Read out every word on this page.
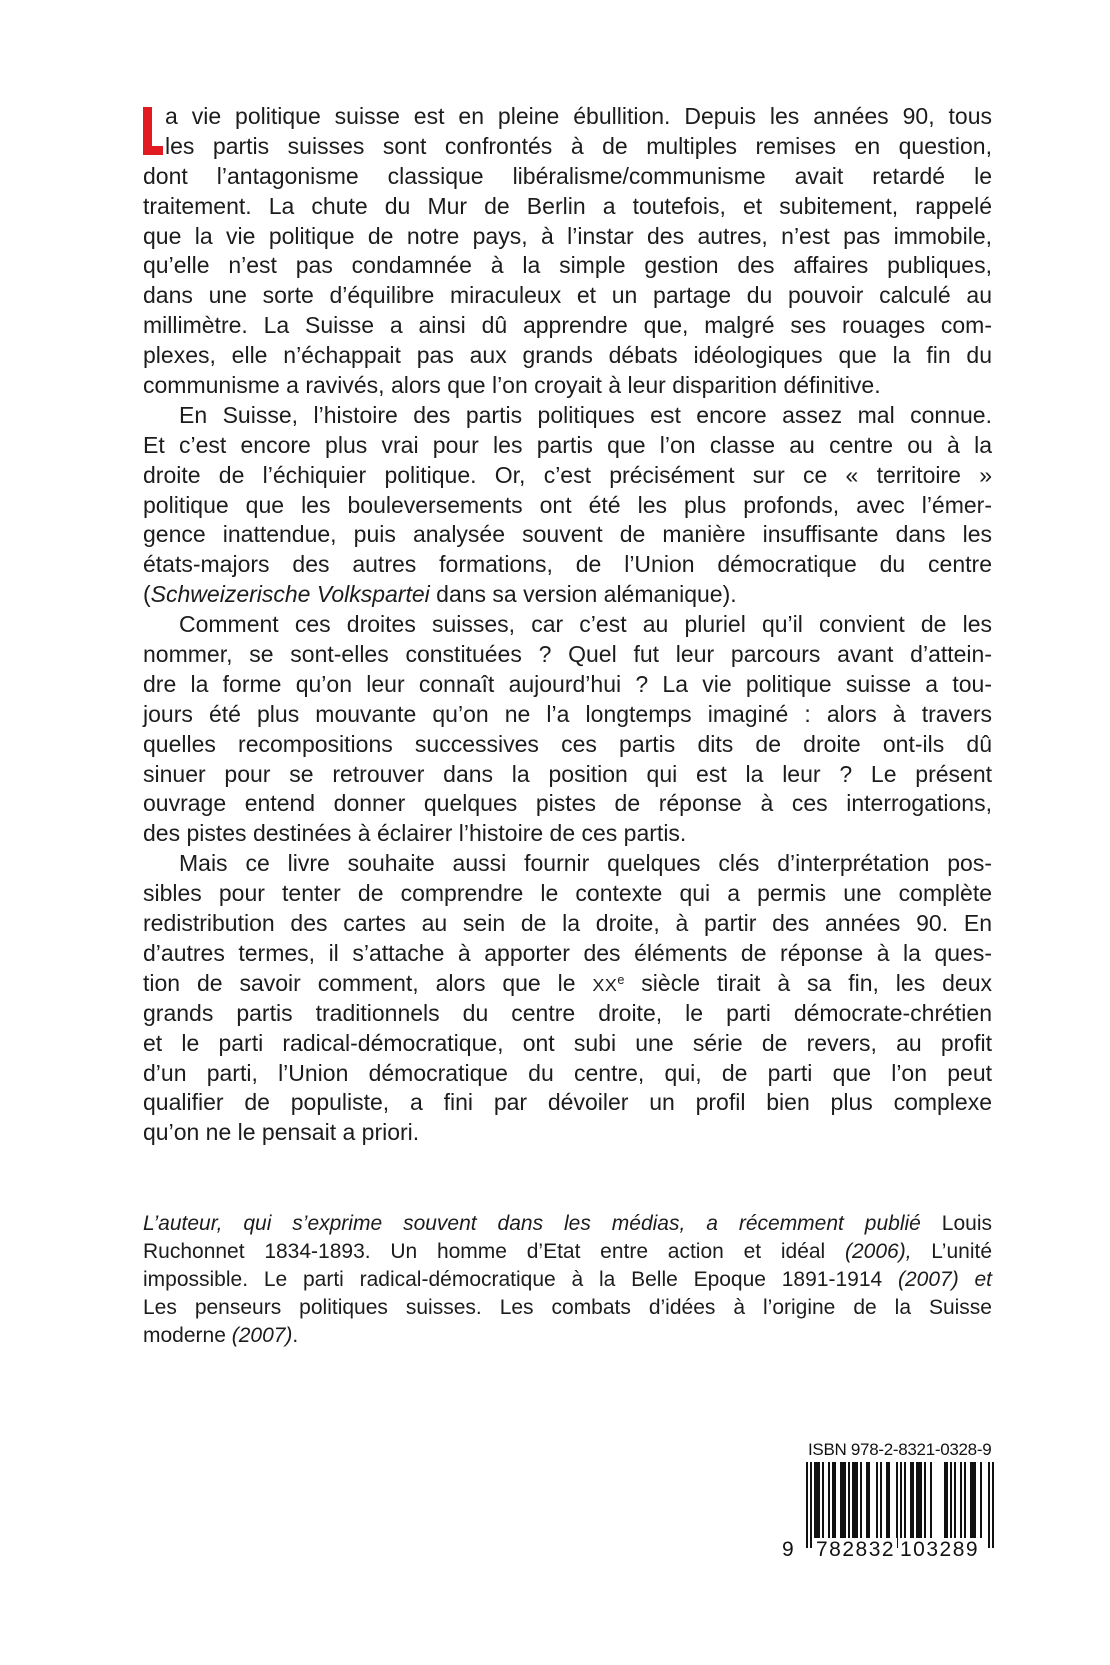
a vie politique suisse est en pleine ébullition. Depuis les années 90, tous
les partis suisses sont confrontés à de multiples remises en question,
dont l’antagonisme classique libéralisme/communisme avait retardé le
traitement. La chute du Mur de Berlin a toutefois, et subitement, rappelé
que la vie politique de notre pays, à l’instar des autres, n’est pas immobile,
qu’elle n’est pas condamnée à la simple gestion des affaires publiques,
dans une sorte d’équilibre miraculeux et un partage du pouvoir calculé au
millimètre. La Suisse a ainsi dû apprendre que, malgré ses rouages com-
plexes, elle n’échappait pas aux grands débats idéologiques que la fin du
communisme a ravivés, alors que l’on croyait à leur disparition définitive.
En Suisse, l’histoire des partis politiques est encore assez mal connue.
Et c’est encore plus vrai pour les partis que l’on classe au centre ou à la
droite de l’échiquier politique. Or, c’est précisément sur ce « territoire »
politique que les bouleversements ont été les plus profonds, avec l’émer-
gence inattendue, puis analysée souvent de manière insuffisante dans les
états-majors des autres formations, de l’Union démocratique du centre
(Schweizerische Volkspartei dans sa version alémanique).
Comment ces droites suisses, car c’est au pluriel qu’il convient de les
nommer, se sont-elles constituées ? Quel fut leur parcours avant d’attein-
dre la forme qu’on leur connaît aujourd’hui ? La vie politique suisse a tou-
jours été plus mouvante qu’on ne l’a longtemps imaginé : alors à travers
quelles recompositions successives ces partis dits de droite ont-ils dû
sinuer pour se retrouver dans la position qui est la leur ? Le présent
ouvrage entend donner quelques pistes de réponse à ces interrogations,
des pistes destinées à éclairer l’histoire de ces partis.
Mais ce livre souhaite aussi fournir quelques clés d’interprétation pos-
sibles pour tenter de comprendre le contexte qui a permis une complète
redistribution des cartes au sein de la droite, à partir des années 90. En
d’autres termes, il s’attache à apporter des éléments de réponse à la ques-
tion de savoir comment, alors que le XXe siècle tirait à sa fin, les deux
grands partis traditionnels du centre droite, le parti démocrate-chrétien
et le parti radical-démocratique, ont subi une série de revers, au profit
d’un parti, l’Union démocratique du centre, qui, de parti que l’on peut
qualifier de populiste, a fini par dévoiler un profil bien plus complexe
qu’on ne le pensait a priori.
L’auteur, qui s’exprime souvent dans les médias, a récemment publié Louis
Ruchonnet 1834-1893. Un homme d’Etat entre action et idéal (2006), L’unité
impossible. Le parti radical-démocratique à la Belle Epoque 1891-1914 (2007) et
Les penseurs politiques suisses. Les combats d’idées à l’origine de la Suisse
moderne (2007).
ISBN 978-2-8321-0328-9
9 782832 103289
